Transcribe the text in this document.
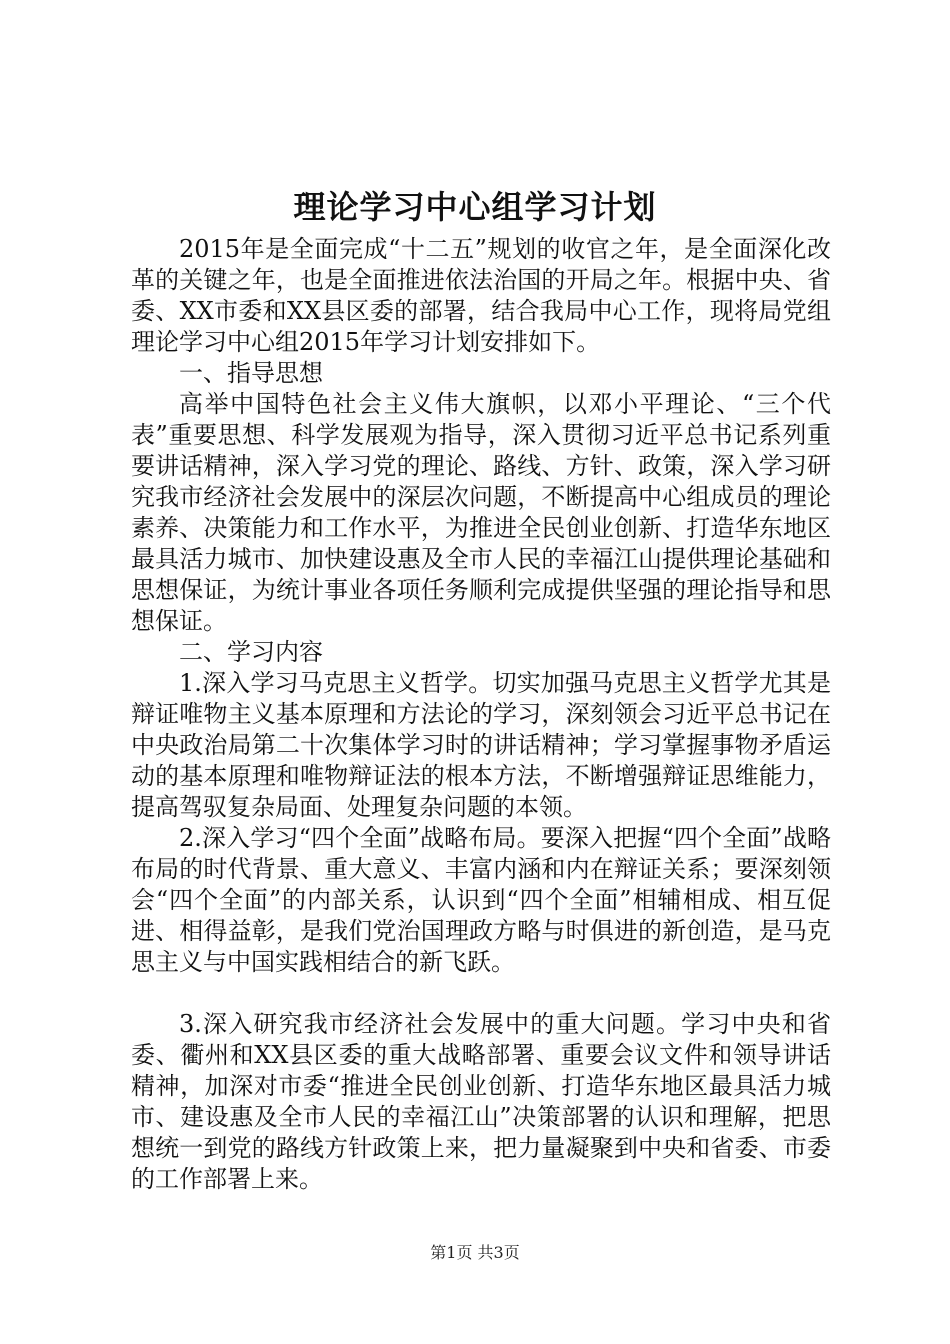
理论学习中心组学习计划

2015年是全面完成“十二五”规划的收官之年，是全面深化改革的关键之年，也是全面推进依法治国的开局之年。根据中央、省委、XX市委和XX县区委的部署，结合我局中心工作，现将局党组理论学习中心组2015年学习计划安排如下。

一、指导思想

高举中国特色社会主义伟大旗帜，以邓小平理论、“三个代表”重要思想、科学发展观为指导，深入贯彻习近平总书记系列重要讲话精神，深入学习党的理论、路线、方针、政策，深入学习研究我市经济社会发展中的深层次问题，不断提高中心组成员的理论素养、决策能力和工作水平，为推进全民创业创新、打造华东地区最具活力城市、加快建设惠及全市人民的幸福江山提供理论基础和思想保证，为统计事业各项任务顺利完成提供坚强的理论指导和思想保证。

二、学习内容

1.深入学习马克思主义哲学。切实加强马克思主义哲学尤其是辩证唯物主义基本原理和方法论的学习，深刻领会习近平总书记在中央政治局第二十次集体学习时的讲话精神；学习掌握事物矛盾运动的基本原理和唯物辩证法的根本方法，不断增强辩证思维能力，提高驾驭复杂局面、处理复杂问题的本领。

2.深入学习“四个全面”战略布局。要深入把握“四个全面”战略布局的时代背景、重大意义、丰富内涵和内在辩证关系；要深刻领会“四个全面”的内部关系，认识到“四个全面”相辅相成、相互促进、相得益彰，是我们党治国理政方略与时俱进的新创造，是马克思主义与中国实践相结合的新飞跃。

3.深入研究我市经济社会发展中的重大问题。学习中央和省委、衢州和XX县区委的重大战略部署、重要会议文件和领导讲话精神，加深对市委“推进全民创业创新、打造华东地区最具活力城市、建设惠及全市人民的幸福江山”决策部署的认识和理解，把思想统一到党的路线方针政策上来，把力量凝聚到中央和省委、市委的工作部署上来。

第1页 共3页
